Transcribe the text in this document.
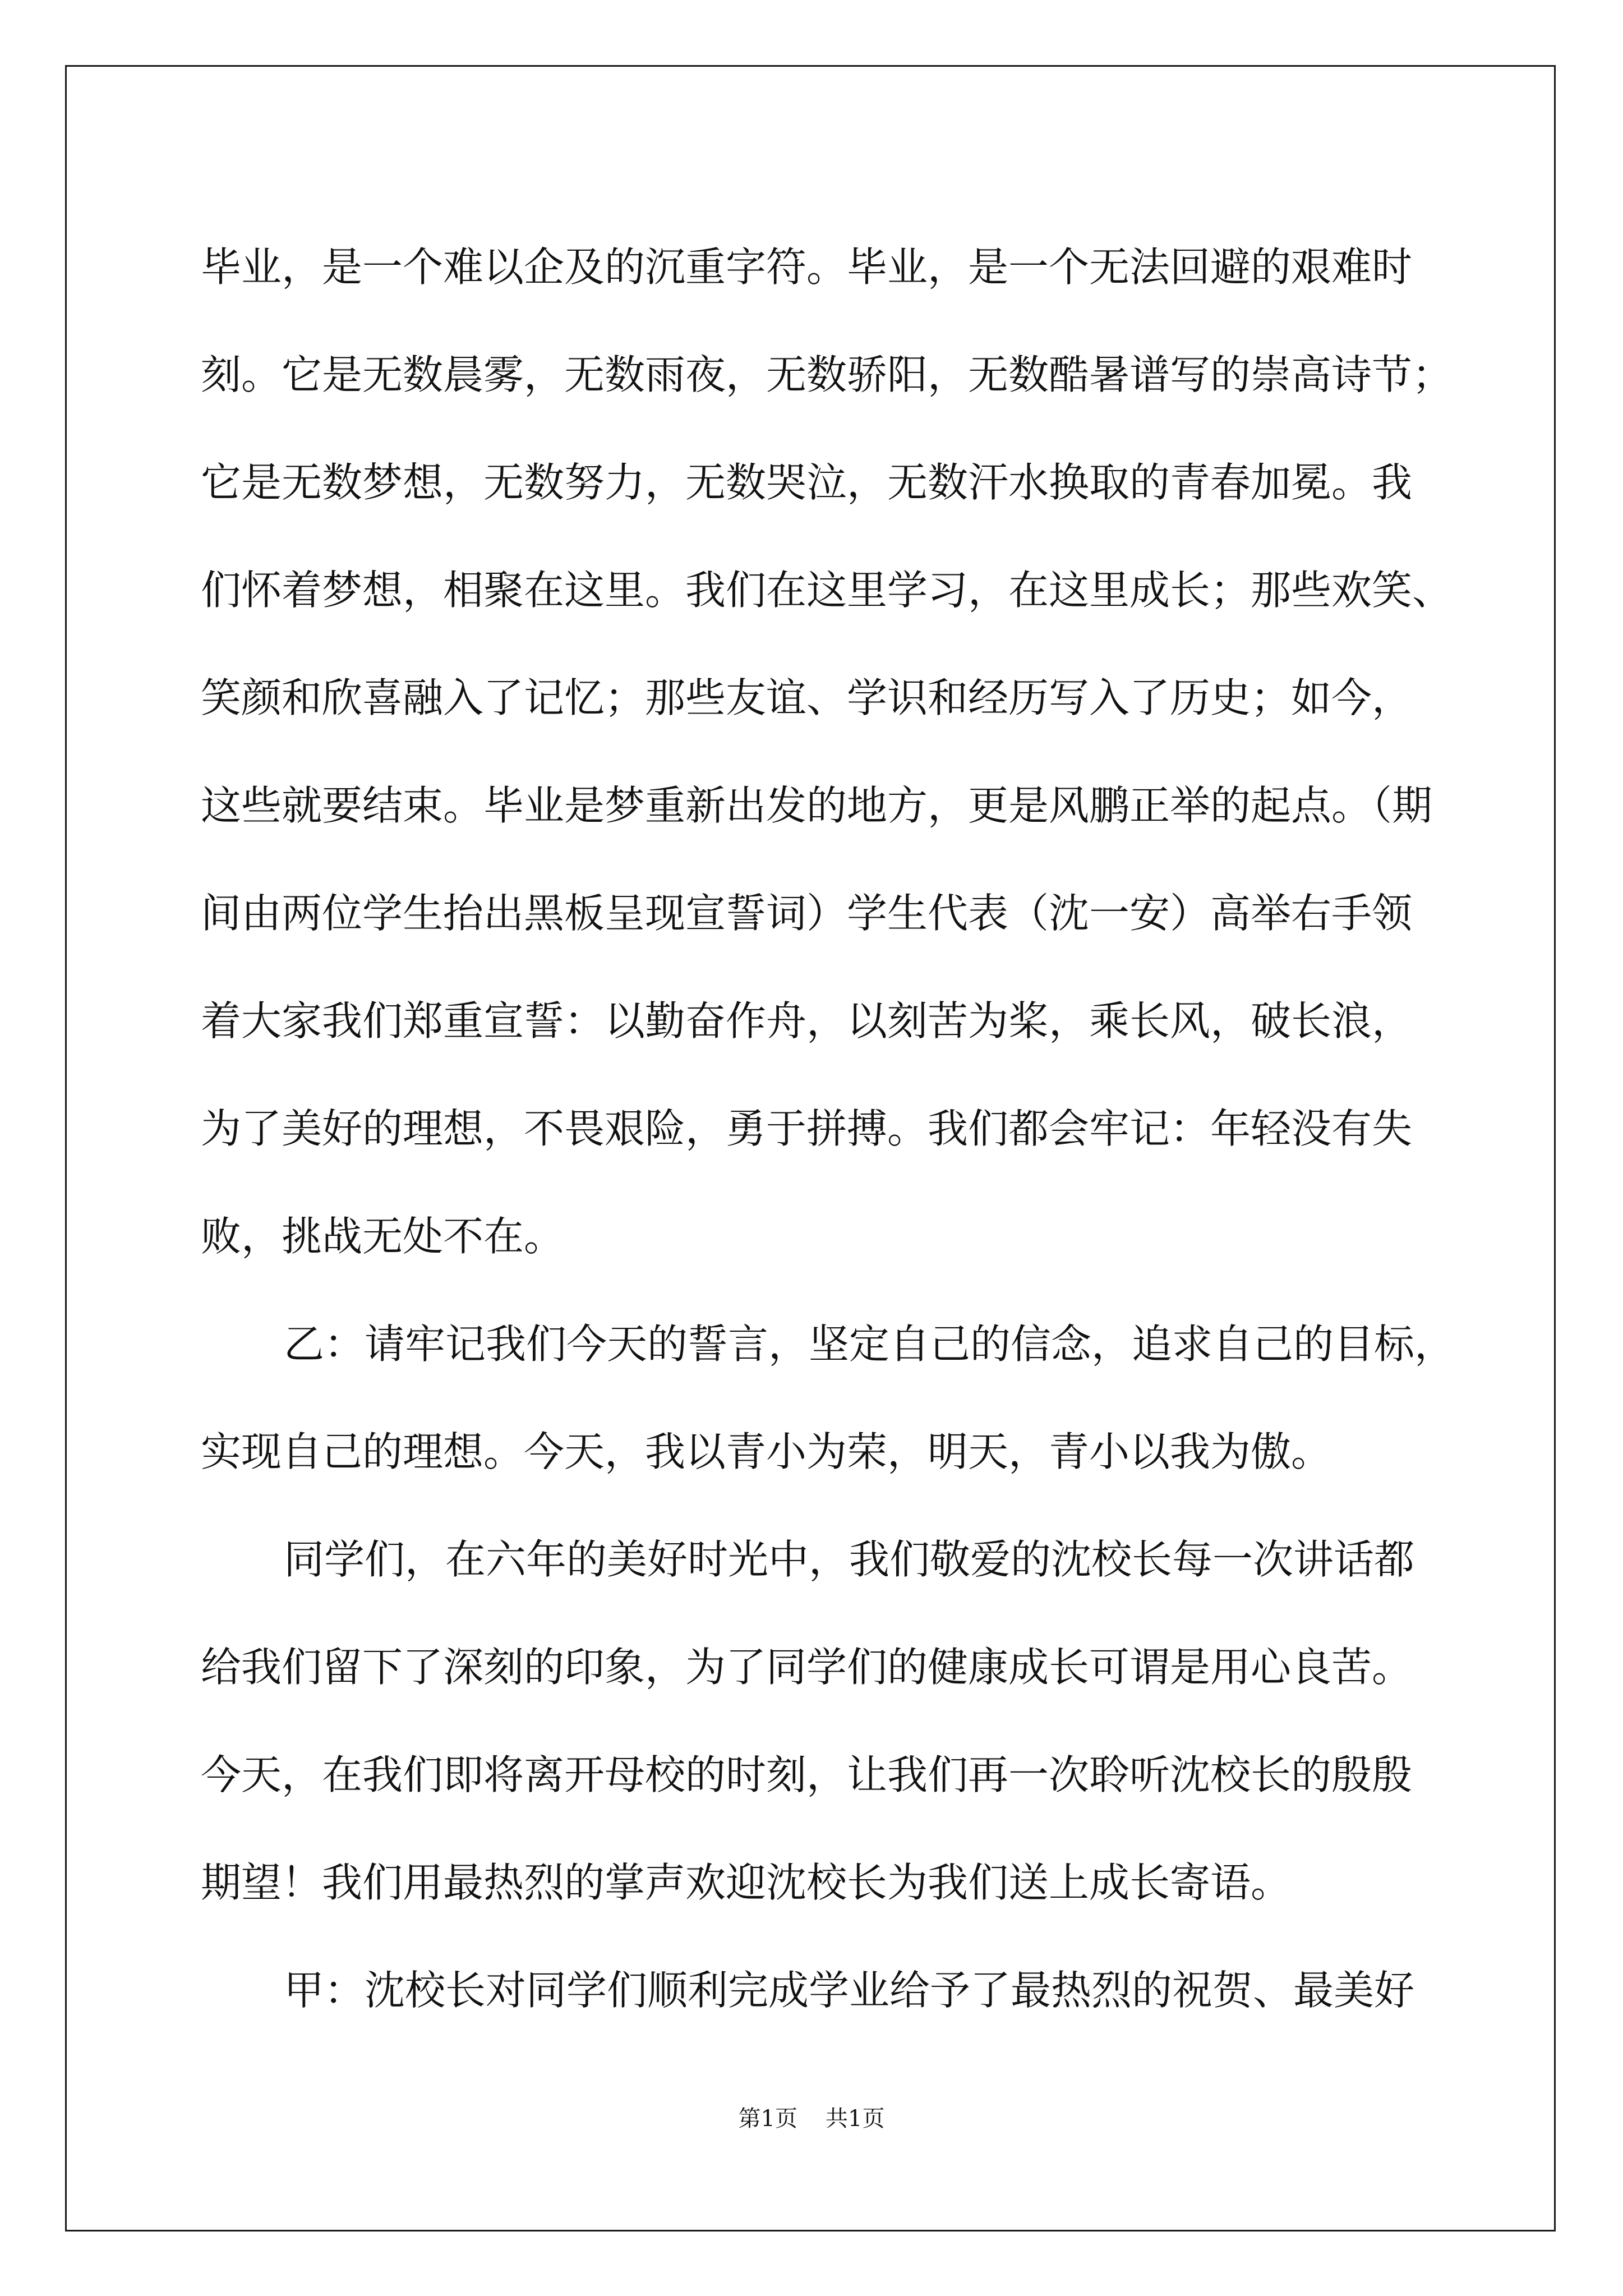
毕业，是一个难以企及的沉重字符。毕业，是一个无法回避的艰难时
刻。它是无数晨雾，无数雨夜，无数骄阳，无数酷暑谱写的崇高诗节；
它是无数梦想，无数努力，无数哭泣，无数汗水换取的青春加冕。我
们怀着梦想，相聚在这里。我们在这里学习，在这里成长；那些欢笑、
笑颜和欣喜融入了记忆；那些友谊、学识和经历写入了历史；如今，
这些就要结束。毕业是梦重新出发的地方，更是风鹏正举的起点。（期
间由两位学生抬出黑板呈现宣誓词）学生代表（沈一安）高举右手领
着大家我们郑重宣誓：以勤奋作舟，以刻苦为桨，乘长风，破长浪，
为了美好的理想，不畏艰险，勇于拼搏。我们都会牢记：年轻没有失
败，挑战无处不在。
乙：请牢记我们今天的誓言，坚定自己的信念，追求自己的目标，
实现自己的理想。今天，我以青小为荣，明天，青小以我为傲。
同学们，在六年的美好时光中，我们敬爱的沈校长每一次讲话都
给我们留下了深刻的印象，为了同学们的健康成长可谓是用心良苦。
今天，在我们即将离开母校的时刻，让我们再一次聆听沈校长的殷殷
期望！我们用最热烈的掌声欢迎沈校长为我们送上成长寄语。
甲：沈校长对同学们顺利完成学业给予了最热烈的祝贺、最美好
第1页 共1页
